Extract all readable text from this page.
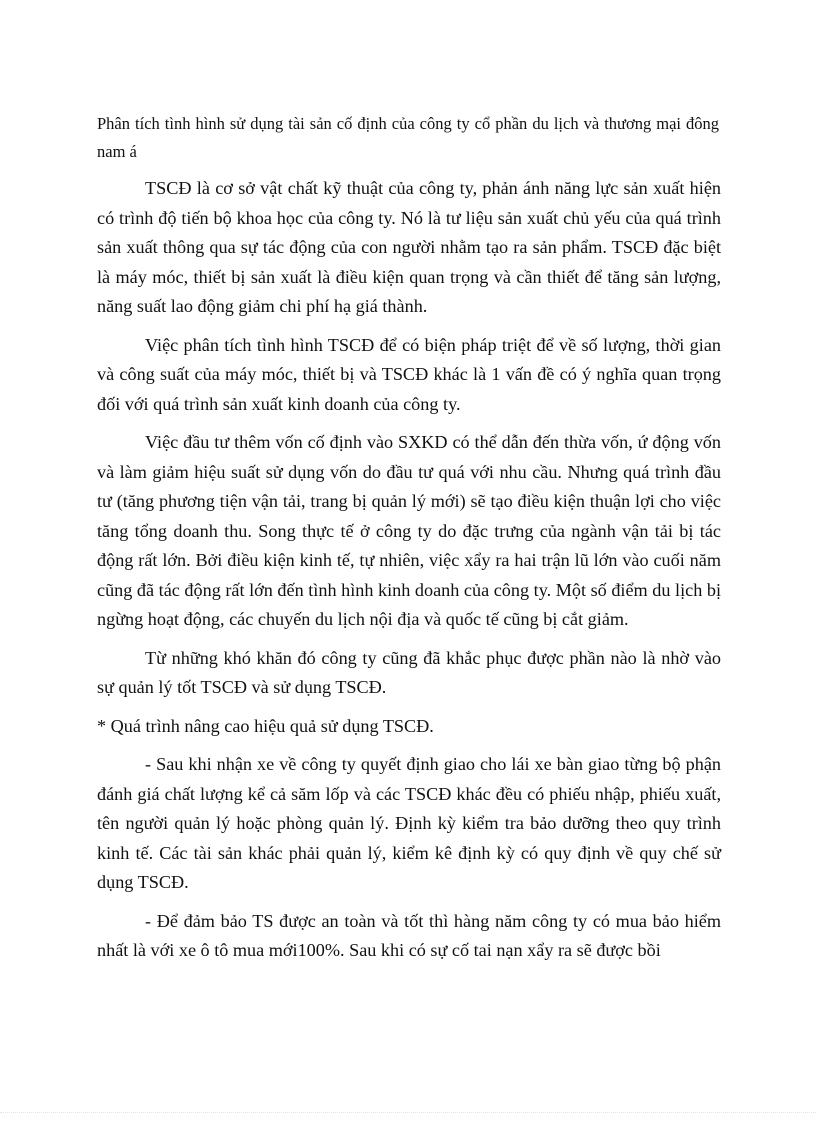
Phân tích tình hình sử dụng tài sản cố định của công ty cổ phần du lịch và thương mại đông nam á

TSCĐ là cơ sở vật chất kỹ thuật của công ty, phản ánh năng lực sản xuất hiện có trình độ tiến bộ khoa học của công ty. Nó là tư liệu sản xuất chủ yếu của quá trình sản xuất thông qua sự tác động của con người nhằm tạo ra sản phẩm. TSCĐ đặc biệt là máy móc, thiết bị sản xuất là điều kiện quan trọng và cần thiết để tăng sản lượng, năng suất lao động giảm chi phí hạ giá thành.

Việc phân tích tình hình TSCĐ để có biện pháp triệt để về số lượng, thời gian và công suất của máy móc, thiết bị và TSCĐ khác là 1 vấn đề có ý nghĩa quan trọng đối với quá trình sản xuất kinh doanh của công ty.

Việc đầu tư thêm vốn cố định vào SXKD có thể dẫn đến thừa vốn, ứ động vốn và làm giảm hiệu suất sử dụng vốn do đầu tư quá với nhu cầu. Nhưng quá trình đầu tư (tăng phương tiện vận tải, trang bị quản lý mới) sẽ tạo điều kiện thuận lợi cho việc tăng tổng doanh thu. Song thực tế ở công ty do đặc trưng của ngành vận tải bị tác động rất lớn. Bởi điều kiện kinh tế, tự nhiên, việc xẩy ra hai trận lũ lớn vào cuối năm cũng đã tác động rất lớn đến tình hình kinh doanh của công ty. Một số điểm du lịch bị ngừng hoạt động, các chuyến du lịch nội địa và quốc tế cũng bị cắt giảm.

Từ những khó khăn đó công ty cũng đã khắc phục được phần nào là nhờ vào sự quản lý tốt TSCĐ và sử dụng TSCĐ.

* Quá trình nâng cao hiệu quả sử dụng TSCĐ.

- Sau khi nhận xe về công ty quyết định giao cho lái xe bàn giao từng bộ phận đánh giá chất lượng kể cả săm lốp và các TSCĐ khác đều có phiếu nhập, phiếu xuất, tên người quản lý hoặc phòng quản lý. Định kỳ kiểm tra bảo dưỡng theo quy trình kinh tế. Các tài sản khác phải quản lý, kiểm kê định kỳ có quy định về quy chế sử dụng TSCĐ.

- Để đảm bảo TS được an toàn và tốt thì hàng năm công ty có mua bảo hiểm nhất là với xe ô tô mua mới100%. Sau khi có sự cố tai nạn xẩy ra sẽ được bồi
